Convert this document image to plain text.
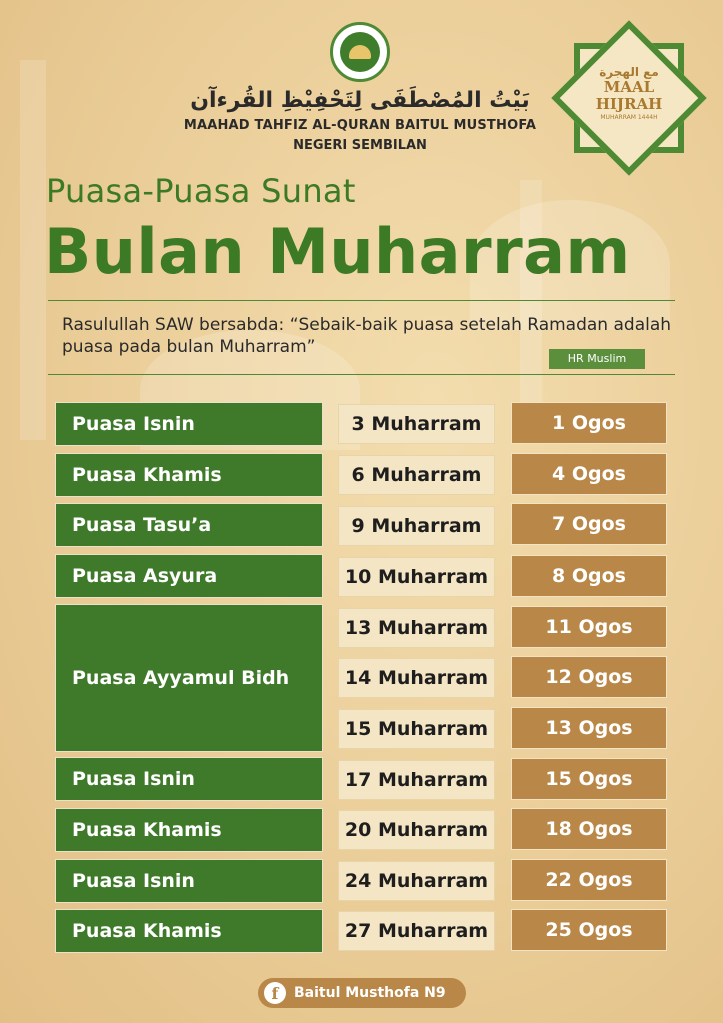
بَيْتُ المُصْطَفَى لِتَحْفِيْظِ القُرءآن
MAAHAD TAHFIZ AL-QURAN BAITUL MUSTHOFA
NEGERI SEMBILAN
مع الهجرة
MAAL
HIJRAH
MUHARRAM 1444H
Puasa-Puasa Sunat
Bulan Muharram
Rasulullah SAW bersabda: “Sebaik-baik puasa setelah Ramadan adalah puasa pada bulan Muharram”
HR Muslim
Puasa Isnin	3 Muharram	1 Ogos
Puasa Khamis	6 Muharram	4 Ogos
Puasa Tasu’a	9 Muharram	7 Ogos
Puasa Asyura	10 Muharram	8 Ogos
Puasa Ayyamul Bidh
13 Muharram	11 Ogos
14 Muharram	12 Ogos
15 Muharram	13 Ogos
Puasa Isnin	17 Muharram	15 Ogos
Puasa Khamis	20 Muharram	18 Ogos
Puasa Isnin	24 Muharram	22 Ogos
Puasa Khamis	27 Muharram	25 Ogos
f	Baitul Musthofa N9
